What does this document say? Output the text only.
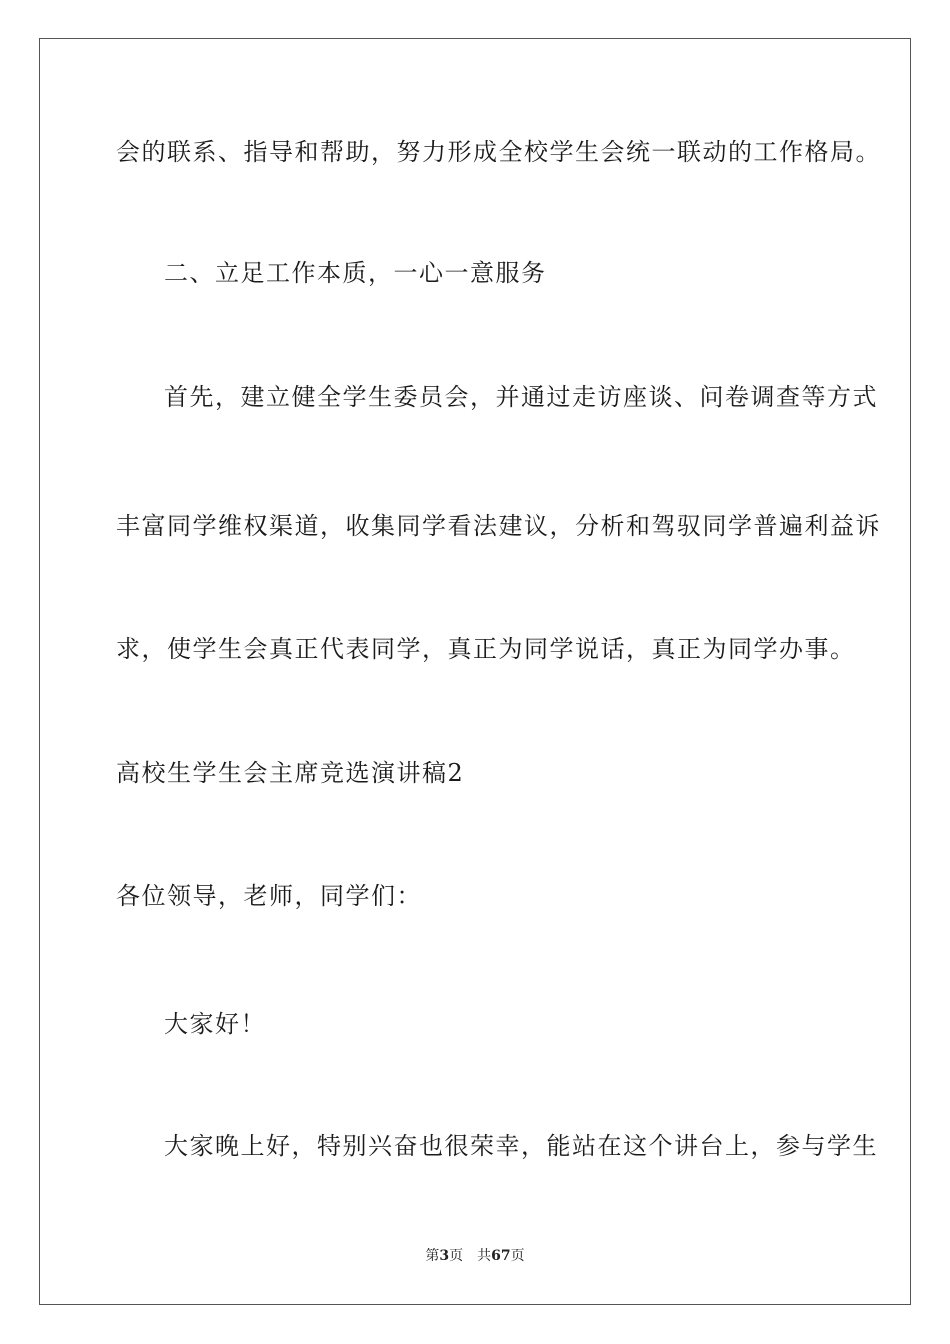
会的联系、指导和帮助，努力形成全校学生会统一联动的工作格局。
二、立足工作本质，一心一意服务
首先，建立健全学生委员会，并通过走访座谈、问卷调查等方式
丰富同学维权渠道，收集同学看法建议，分析和驾驭同学普遍利益诉
求，使学生会真正代表同学，真正为同学说话，真正为同学办事。
高校生学生会主席竞选演讲稿2
各位领导，老师，同学们：
大家好！
大家晚上好，特别兴奋也很荣幸，能站在这个讲台上，参与学生
第3页 共67页
